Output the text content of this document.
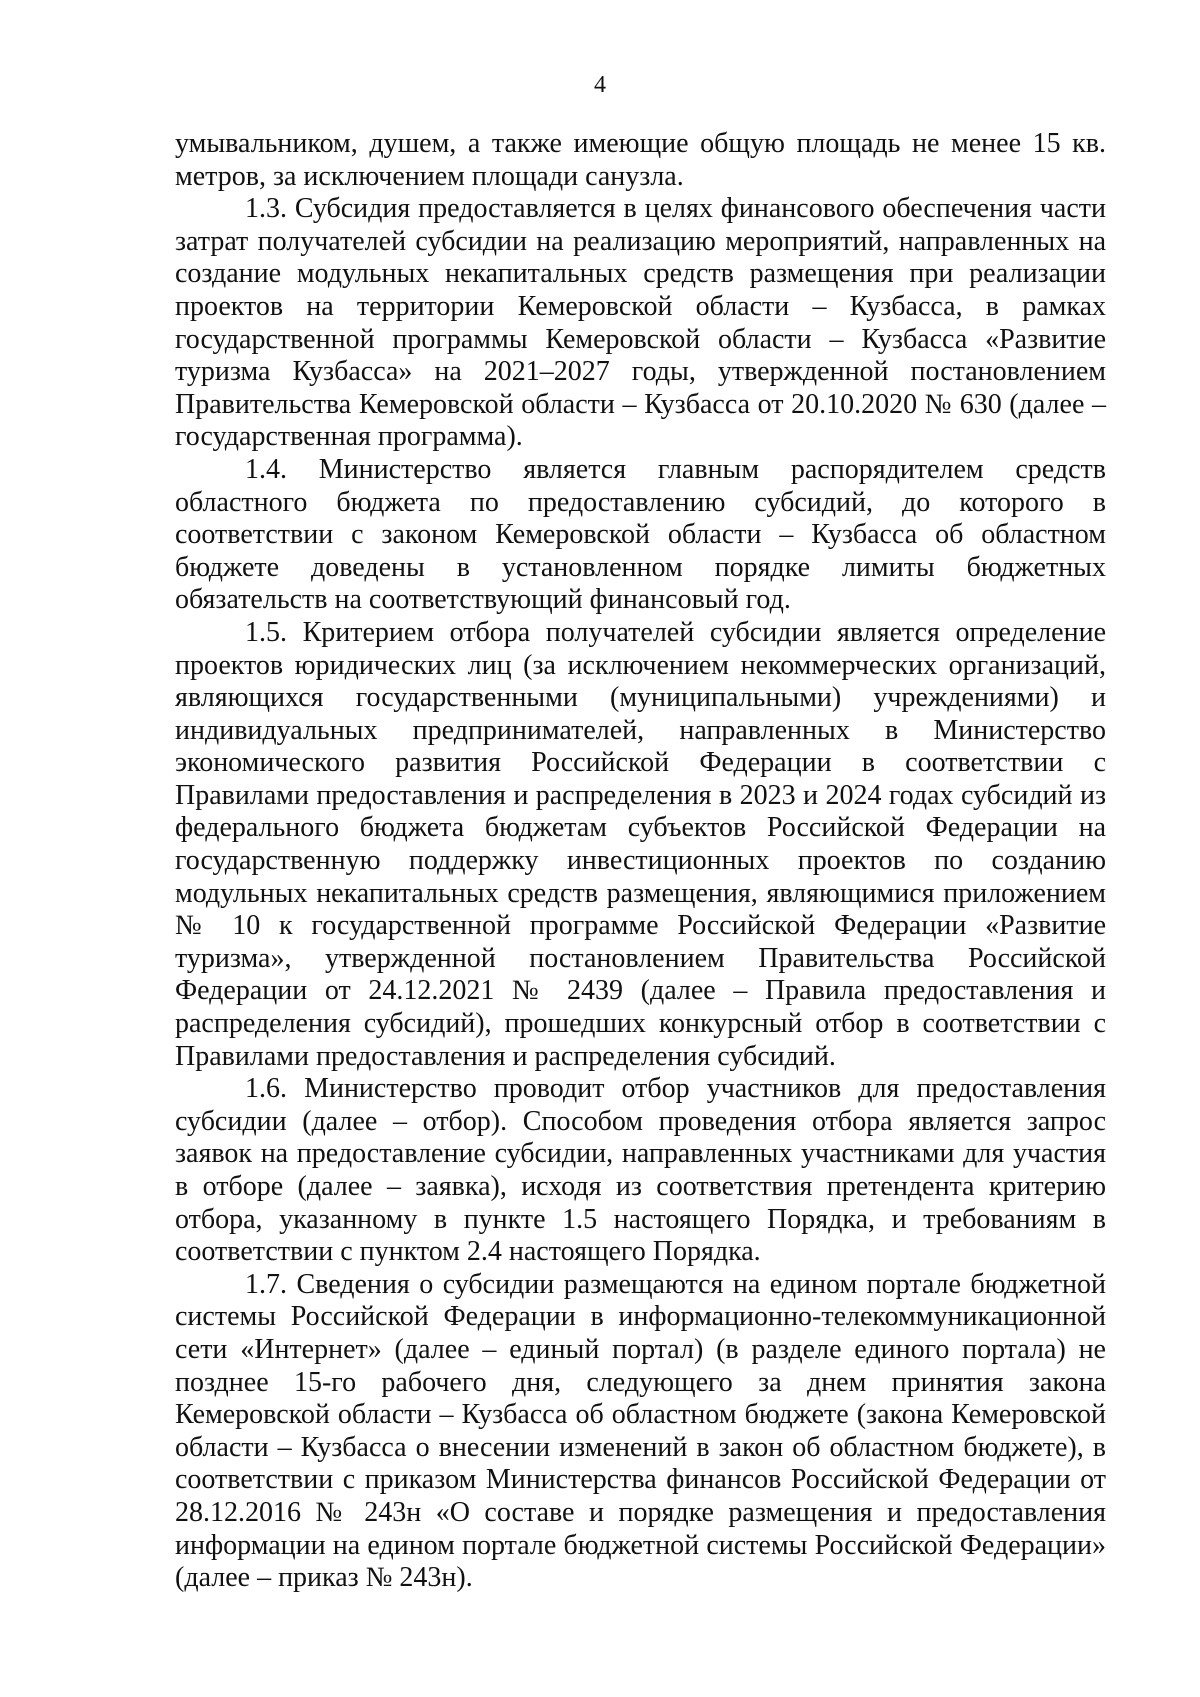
4

умывальником, душем, а также имеющие общую площадь не менее 15 кв. метров, за исключением площади санузла.

1.3. Субсидия предоставляется в целях финансового обеспечения части затрат получателей субсидии на реализацию мероприятий, направленных на создание модульных некапитальных средств размещения при реализации проектов на территории Кемеровской области – Кузбасса, в рамках государственной программы Кемеровской области – Кузбасса «Развитие туризма Кузбасса» на 2021–2027 годы, утвержденной постановлением Правительства Кемеровской области – Кузбасса от 20.10.2020 № 630 (далее – государственная программа).

1.4. Министерство является главным распорядителем средств областного бюджета по предоставлению субсидий, до которого в соответствии с законом Кемеровской области – Кузбасса об областном бюджете доведены в установленном порядке лимиты бюджетных обязательств на соответствующий финансовый год.

1.5. Критерием отбора получателей субсидии является определение проектов юридических лиц (за исключением некоммерческих организаций, являющихся государственными (муниципальными) учреждениями) и индивидуальных предпринимателей, направленных в Министерство экономического развития Российской Федерации в соответствии с Правилами предоставления и распределения в 2023 и 2024 годах субсидий из федерального бюджета бюджетам субъектов Российской Федерации на государственную поддержку инвестиционных проектов по созданию модульных некапитальных средств размещения, являющимися приложением № 10 к государственной программе Российской Федерации «Развитие туризма», утвержденной постановлением Правительства Российской Федерации от 24.12.2021 № 2439 (далее – Правила предоставления и распределения субсидий), прошедших конкурсный отбор в соответствии с Правилами предоставления и распределения субсидий.

1.6. Министерство проводит отбор участников для предоставления субсидии (далее – отбор). Способом проведения отбора является запрос заявок на предоставление субсидии, направленных участниками для участия в отборе (далее – заявка), исходя из соответствия претендента критерию отбора, указанному в пункте 1.5 настоящего Порядка, и требованиям в соответствии с пунктом 2.4 настоящего Порядка.

1.7. Сведения о субсидии размещаются на едином портале бюджетной системы Российской Федерации в информационно-телекоммуникационной сети «Интернет» (далее – единый портал) (в разделе единого портала) не позднее 15-го рабочего дня, следующего за днем принятия закона Кемеровской области – Кузбасса об областном бюджете (закона Кемеровской области – Кузбасса о внесении изменений в закон об областном бюджете), в соответствии с приказом Министерства финансов Российской Федерации от 28.12.2016 № 243н «О составе и порядке размещения и предоставления информации на едином портале бюджетной системы Российской Федерации» (далее – приказ № 243н).
